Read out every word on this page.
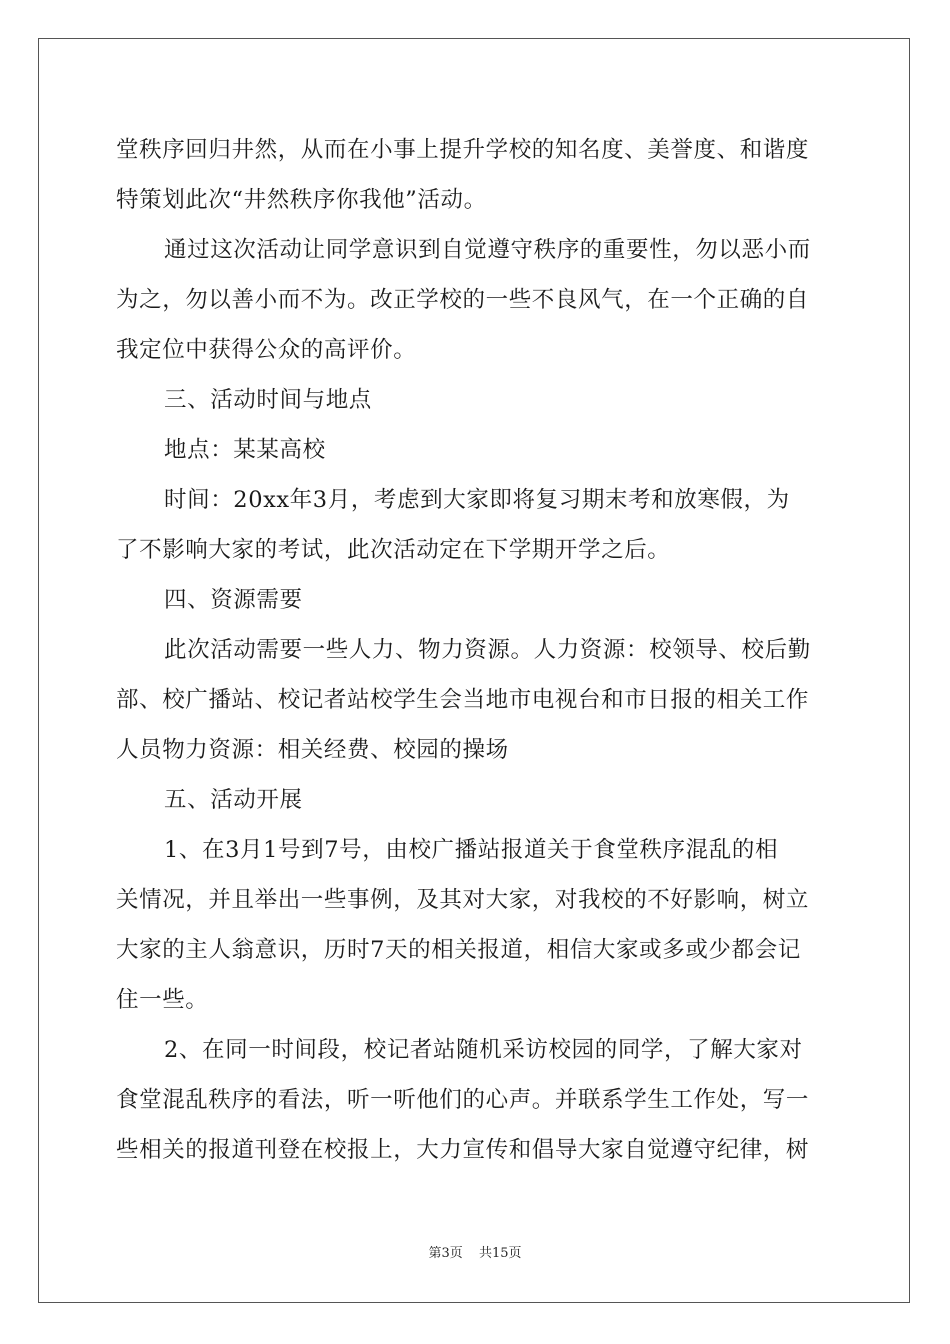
堂秩序回归井然，从而在小事上提升学校的知名度、美誉度、和谐度
特策划此次“井然秩序你我他”活动。
通过这次活动让同学意识到自觉遵守秩序的重要性，勿以恶小而
为之，勿以善小而不为。改正学校的一些不良风气，在一个正确的自
我定位中获得公众的高评价。
三、活动时间与地点
地点：某某高校
时间：20xx年3月，考虑到大家即将复习期末考和放寒假，为
了不影响大家的考试，此次活动定在下学期开学之后。
四、资源需要
此次活动需要一些人力、物力资源。人力资源：校领导、校后勤
部、校广播站、校记者站校学生会当地市电视台和市日报的相关工作
人员物力资源：相关经费、校园的操场
五、活动开展
1、在3月1号到7号，由校广播站报道关于食堂秩序混乱的相
关情况，并且举出一些事例，及其对大家，对我校的不好影响，树立
大家的主人翁意识，历时7天的相关报道，相信大家或多或少都会记
住一些。
2、在同一时间段，校记者站随机采访校园的同学，了解大家对
食堂混乱秩序的看法，听一听他们的心声。并联系学生工作处，写一
些相关的报道刊登在校报上，大力宣传和倡导大家自觉遵守纪律，树
第3页 共15页
